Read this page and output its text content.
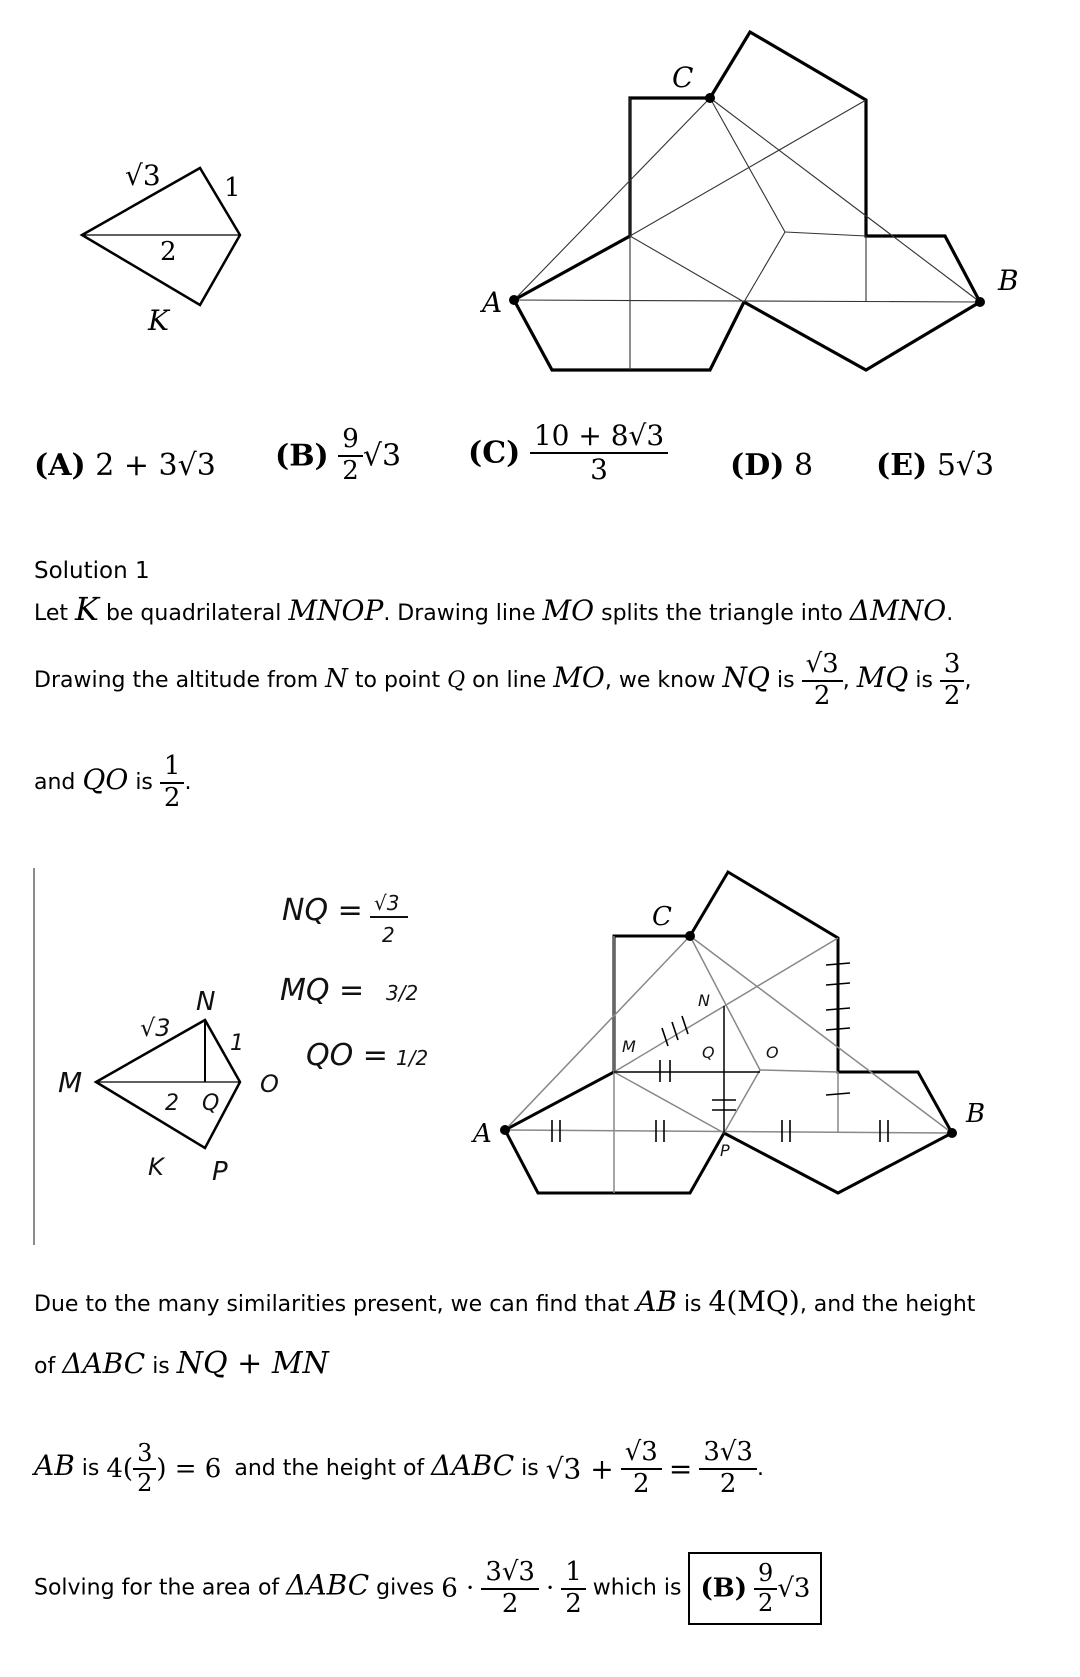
√3 1
2
K
A
C
B
(A) 2 + 3√3 $(B) \frac{9}{2} √3$ $(C) \frac{10 + 8√3}{3} (D)$ 8 (E) 5√3
Solution 1
Let K be quadrilateral MNOP. Drawing line MO splits the triangle into ΔMNO.
Drawing the altitude from N to point Q on line MO, we know NQ is $\frac{√3}{2}$ , MQ is $\frac{3}{2}$ ,
and QO is $\frac{1}{2}$ .
√3
N
1
M
2 Q
O
K P
NQ = √3
2
MQ = 3/2
QO = 1/2
A
C
B
M
N
Q	O
P
Due to the many similarities present, we can find that AB is 4(MQ), and the height
of ΔABC is NQ + MN
AB is $4( \frac{3}{2}$ ) = 6 and the height of ΔABC is $√3 + \frac{√3}{2} = \frac{3√3}{2}$ .
Solving for the area of ΔABC gives $6 \cdot \frac{3√3}{2} \cdot \frac{1}{2}$ which is $(B) \frac{9}{2} √3$
